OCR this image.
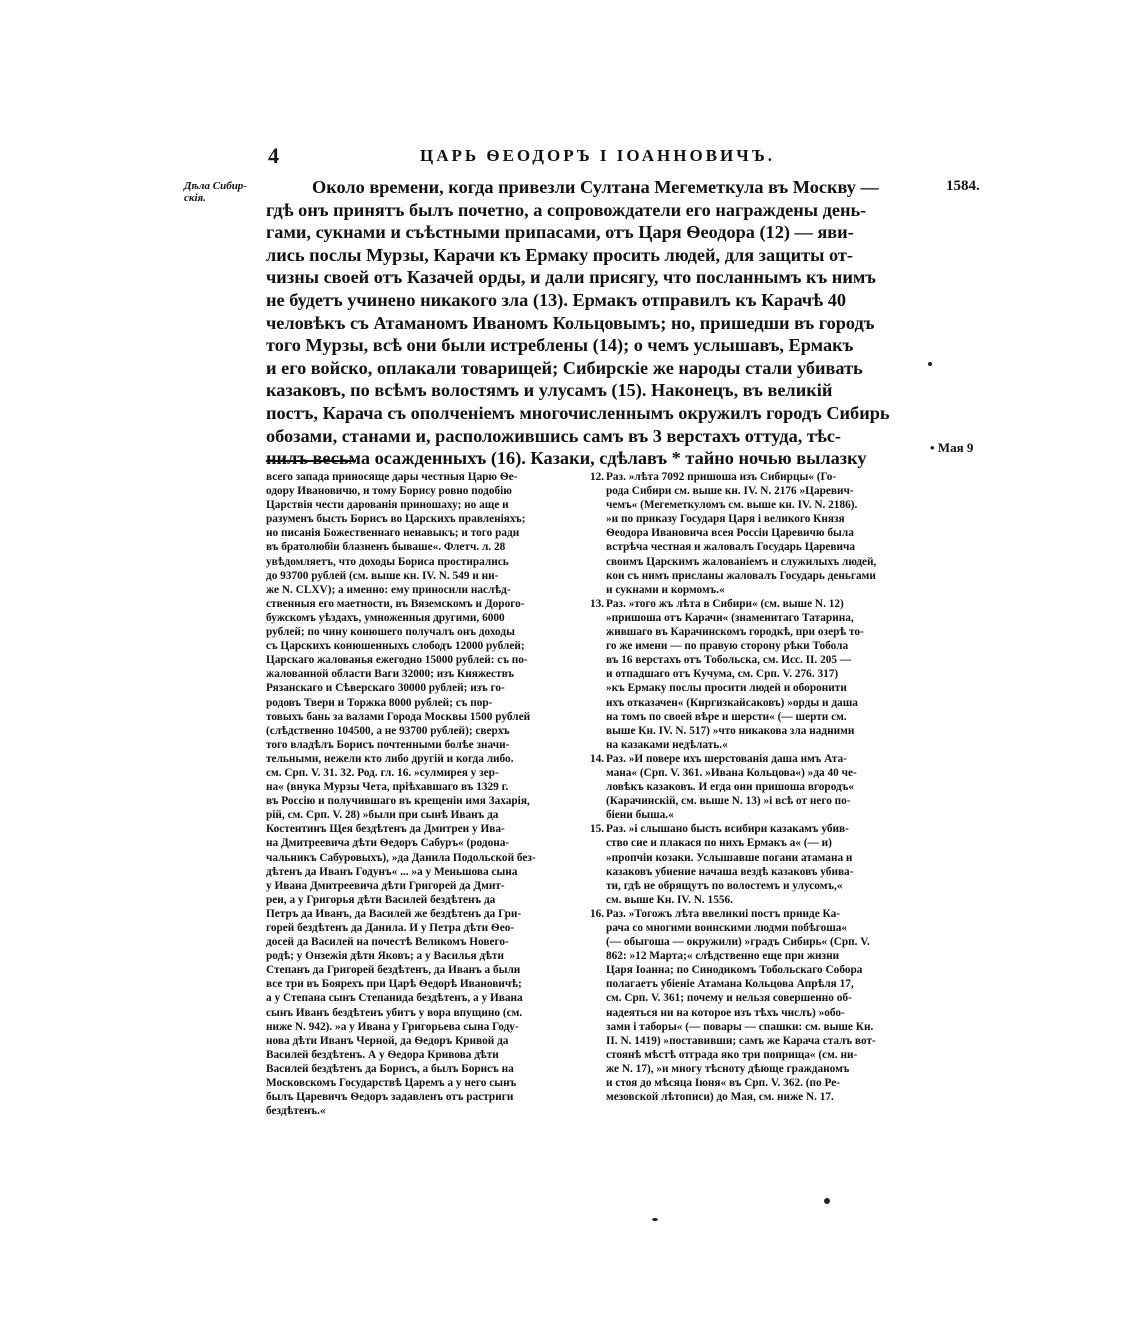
4	ЦАРЬ ѲЕОДОРЪ I ІОАННОВИЧЪ.
Дѣла Сибир-
скія.
1584.
• Мая 9
Около времени, когда привезли Султана Мегеметкула въ Москву —
гдѣ онъ принятъ былъ почетно, а сопровождатели его награждены день-
гами, сукнами и съѣстными припасами, отъ Царя Ѳеодора (12) — яви-
лись послы Мурзы, Карачи къ Ермаку просить людей, для защиты от-
чизны своей отъ Казачей орды, и дали присягу, что посланнымъ къ нимъ
не будетъ учинено никакого зла (13). Ермакъ отправилъ къ Карачѣ 40
человѣкъ съ Атаманомъ Иваномъ Кольцовымъ; но, пришедши въ городъ
того Мурзы, всѣ они были истреблены (14); о чемъ услышавъ, Ермакъ
и его войско, оплакали товарищей; Сибирскіе же народы стали убивать
казаковъ, по всѣмъ волостямъ и улусамъ (15). Наконецъ, въ великій
постъ, Карача съ ополченіемъ многочисленнымъ окружилъ городъ Сибирь
обозами, станами и, расположившись самъ въ 3 верстахъ оттуда, тѣс-
нилъ весьма осажденныхъ (16). Казаки, сдѣлавъ * тайно ночью вылазку
всего запада приносяще дары честныя Царю Ѳе-
одору Ивановичю, и тому Борису ровно подобію
Царствія чести дарованія приношаху; но аще и
разуменъ бысть Борисъ во Царскихъ правленіяхъ;
но писанія Божественнаго неиавыкъ; и того ради
въ братолюбіи блазненъ бываше«. Флетч. л. 28
увѣдомляетъ, что доходы Бориса простирались
до 93700 рублей (см. выше кн. IV. N. 549 и ни-
же N. CLXV); а именно: ему приносили наслѣд-
ственныя его маетности, въ Вяземскомъ и Дорого-
бужскомъ уѣздахъ, умноженныя другими, 6000
рублей; по чину конюшего получалъ онъ доходы
съ Царскихъ конюшенныхъ слободъ 12000 рублей;
Царскаго жалованья ежегодно 15000 рублей: съ по-
жалованной области Ваги 32000; изъ Княжествъ
Рязанскаго и Сѣверскаго 30000 рублей; изъ го-
родовъ Твери и Торжка 8000 рублей; съ пор-
товыхъ бань за валами Города Москвы 1500 рублей
(слѣдственно 104500, а не 93700 рублей); сверхъ
того владѣлъ Борисъ почтенными болѣе значи-
тельными, нежели кто либо другій и когда либо.
см. Срп. V. 31. 32. Род. гл. 16. »сулмирея у зер-
на« (внука Мурзы Чета, пріѣхавшаго въ 1329 г.
въ Россію и получившаго въ крещеніи имя Захарія,
рій, см. Срп. V. 28) »были при сынѣ Иванъ да
Костентинъ Щея бездѣтенъ да Дмитреи у Ива-
на Дмитреевича дѣти Ѳедоръ Сабуръ« (родона-
чальникъ Сабуровыхъ), »да Данила Подольской без-
дѣтенъ да Иванъ Годунъ« ... »а у Меньшова сына
у Ивана Дмитреевича дѣти Григорей да Дмит-
реи, а у Григорья дѣти Василей бездѣтенъ да
Петръ да Иванъ, да Василей же бездѣтенъ да Гри-
горей бездѣтенъ да Данила. И у Петра дѣти Ѳео-
досей да Василей на почестѣ Великомъ Новего-
родѣ; у Онзежія дѣти Яковъ; а у Василья дѣти
Степанъ да Григорей бездѣтенъ, да Иванъ а были
все три въ Боярехъ при Царѣ Ѳедорѣ Ивановичѣ;
а у Степана сынъ Степанида бездѣтенъ, а у Ивана
сынъ Иванъ бездѣтенъ убитъ у вора впущино (см.
ниже N. 942). »а у Ивана у Григорьева сына Году-
нова дѣти Иванъ Черной, да Ѳедоръ Кривой да
Василей бездѣтенъ. А у Ѳедора Кривова дѣти
Василей бездѣтенъ да Борисъ, а былъ Борисъ на
Московскомъ Государствѣ Царемъ а у него сынъ
былъ Царевичъ Ѳедоръ задавленъ отъ растриги
бездѣтенъ.«
12. Раз. »лѣта 7092 пришоша изъ Сибирцы« (Го-
рода Сибири см. выше кн. IV. N. 2176 »Царевич-
чемъ« (Мегеметкуломъ см. выше кн. IV. N. 2186).
»и по приказу Государя Царя і великого Князя
Ѳеодора Ивановича всея Россіи Царевичю была
встрѣча честная и жаловалъ Государь Царевича
своимъ Царскимъ жалованіемъ и служилыхъ людей,
кои съ нимъ присланы жаловалъ Государь деньгами
и сукнами и кормомъ.«
13. Раз. »того жъ лѣта в Сибири« (см. выше N. 12)
»пришоша отъ Карачи« (знаменитаго Татарина,
жившаго въ Карачинскомъ городкѣ, при озерѣ то-
го же имени — по правую сторону рѣки Тобола
въ 16 верстахъ отъ Тобольска, см. Исс. II. 205 —
и отпадшаго отъ Кучума, см. Срп. V. 276. 317)
»къ Ермаку послы просити людей и оборонити
ихъ отказачен« (Киргизкайсаковъ) »орды и даша
на томъ по своей вѣре и шерсти« (— шерти см.
выше Кн. IV. N. 517) »что никакова зла надними
на казаками недѣлать.«
14. Раз. »И повере ихъ шерстованія даша имъ Ата-
мана« (Срп. V. 361. »Ивана Кольцова«) »да 40 че-
ловѣкъ казаковъ. И егда они пришоша вгородъ«
(Карачинскій, см. выше N. 13) »і всѣ от него по-
біени быша.«
15. Раз. »і слышано бысть всибири казакамъ убив-
ство сие и плакася по нихъ Ермакъ а« (— и)
»пропчіи козаки. Услышавше погани атамана и
казаковъ убиение начаша вездѣ казаковъ убива-
ти, гдѣ не обрящутъ по волостемъ и улусомъ,«
см. выше Кн. IV. N. 1556.
16. Раз. »Тогожъ лѣта ввеликиі постъ прииде Ка-
рача со многими воинскими людми побѣгоша«
(— обыгоша — окружили) »градъ Сибирь« (Срп. V.
862: »12 Марта;« слѣдственно еще при жизни
Царя Іоанна; по Синодикомъ Тобольскаго Собора
полагаетъ убіеніе Атамана Кольцова Апрѣля 17,
см. Срп. V. 361; почему и нельзя совершенно об-
надеяться ни на которое изъ тѣхъ числъ) »обо-
зами і таборы« (— повары — спашки: см. выше Кн.
II. N. 1419) »поставивши; самъ же Карача сталъ вот-
стоянѣ мѣстѣ отграда яко три поприща« (см. ни-
же N. 17), »и многу тѣсноту дѣюще гражданомъ
и стоя до мѣсяца Іюня« въ Срп. V. 362. (по Ре-
мезовской лѣтописи) до Мая, см. ниже N. 17.
